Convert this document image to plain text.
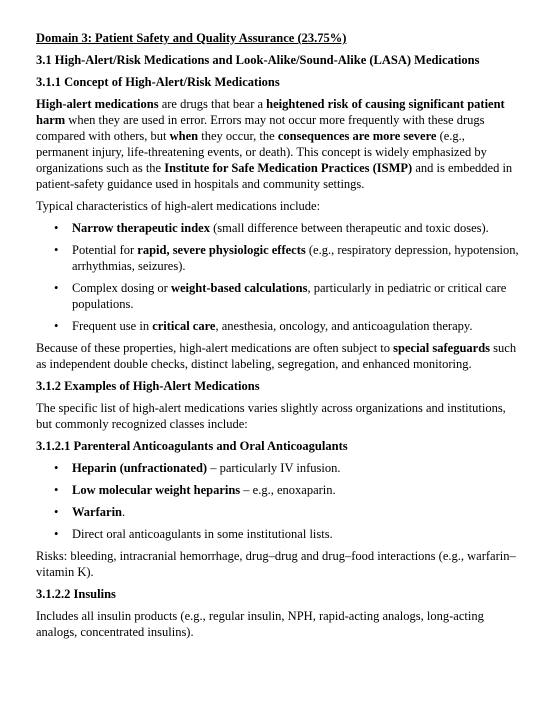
Domain 3: Patient Safety and Quality Assurance (23.75%)
3.1 High-Alert/Risk Medications and Look-Alike/Sound-Alike (LASA) Medications
3.1.1 Concept of High-Alert/Risk Medications

High-alert medications are drugs that bear a heightened risk of causing significant patient harm when they are used in error. Errors may not occur more frequently with these drugs compared with others, but when they occur, the consequences are more severe (e.g., permanent injury, life-threatening events, or death). This concept is widely emphasized by organizations such as the Institute for Safe Medication Practices (ISMP) and is embedded in patient-safety guidance used in hospitals and community settings.

Typical characteristics of high-alert medications include:

• Narrow therapeutic index (small difference between therapeutic and toxic doses).
• Potential for rapid, severe physiologic effects (e.g., respiratory depression, hypotension, arrhythmias, seizures).
• Complex dosing or weight-based calculations, particularly in pediatric or critical care populations.
• Frequent use in critical care, anesthesia, oncology, and anticoagulation therapy.

Because of these properties, high-alert medications are often subject to special safeguards such as independent double checks, distinct labeling, segregation, and enhanced monitoring.

3.1.2 Examples of High-Alert Medications

The specific list of high-alert medications varies slightly across organizations and institutions, but commonly recognized classes include:

3.1.2.1 Parenteral Anticoagulants and Oral Anticoagulants
• Heparin (unfractionated) – particularly IV infusion.
• Low molecular weight heparins – e.g., enoxaparin.
• Warfarin.
• Direct oral anticoagulants in some institutional lists.

Risks: bleeding, intracranial hemorrhage, drug–drug and drug–food interactions (e.g., warfarin–vitamin K).

3.1.2.2 Insulins

Includes all insulin products (e.g., regular insulin, NPH, rapid-acting analogs, long-acting analogs, concentrated insulins).
